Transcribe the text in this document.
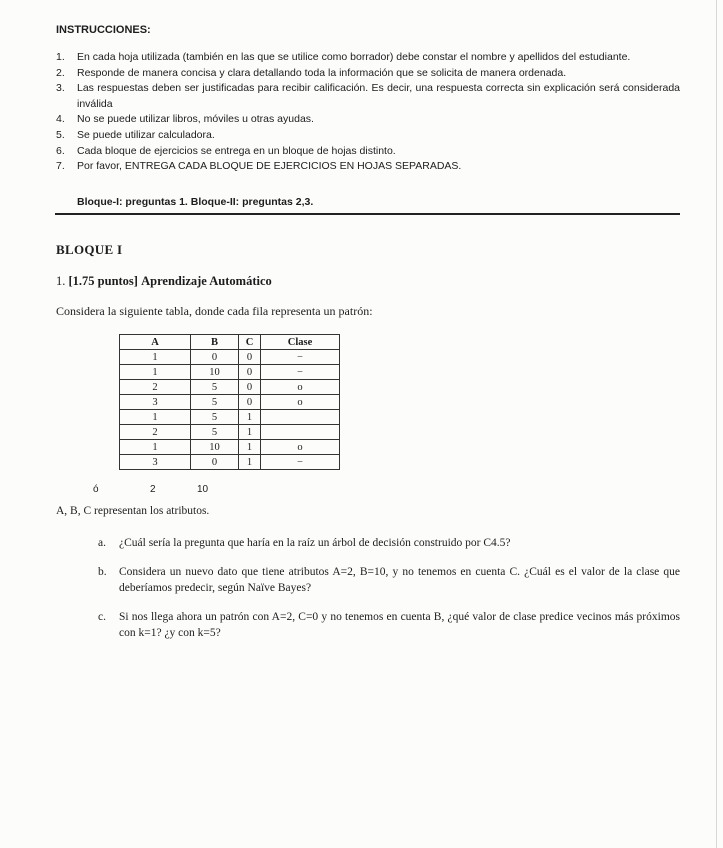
INSTRUCCIONES:
1.	En cada hoja utilizada (también en las que se utilice como borrador) debe constar el nombre y apellidos del estudiante.
2.	Responde de manera concisa y clara detallando toda la información que se solicita de manera ordenada.
3.	Las respuestas deben ser justificadas para recibir calificación. Es decir, una respuesta correcta sin explicación será considerada inválida
4.	No se puede utilizar libros, móviles u otras ayudas.
5.	Se puede utilizar calculadora.
6.	Cada bloque de ejercicios se entrega en un bloque de hojas distinto.
7.	Por favor, ENTREGA CADA BLOQUE DE EJERCICIOS EN HOJAS SEPARADAS.
Bloque-I: preguntas 1. Bloque-II: preguntas 2,3.
BLOQUE I
1. [1.75 puntos] Aprendizaje Automático
Considera la siguiente tabla, donde cada fila representa un patrón:
A	B	C	Clase
1	0	0	−
1	10	0	−
2	5	0	o
3	5	0	o
1	5	1	
2	5	1	
1	10	1	o
3	0	1	−
ó	2	10
A, B, C representan los atributos.
a. ¿Cuál sería la pregunta que haría en la raíz un árbol de decisión construido por C4.5?
b. Considera un nuevo dato que tiene atributos A=2, B=10, y no tenemos en cuenta C. ¿Cuál es el valor de la clase que deberíamos predecir, según Naïve Bayes?
c. Si nos llega ahora un patrón con A=2, C=0 y no tenemos en cuenta B, ¿qué valor de clase predice vecinos más próximos con k=1? ¿y con k=5?
